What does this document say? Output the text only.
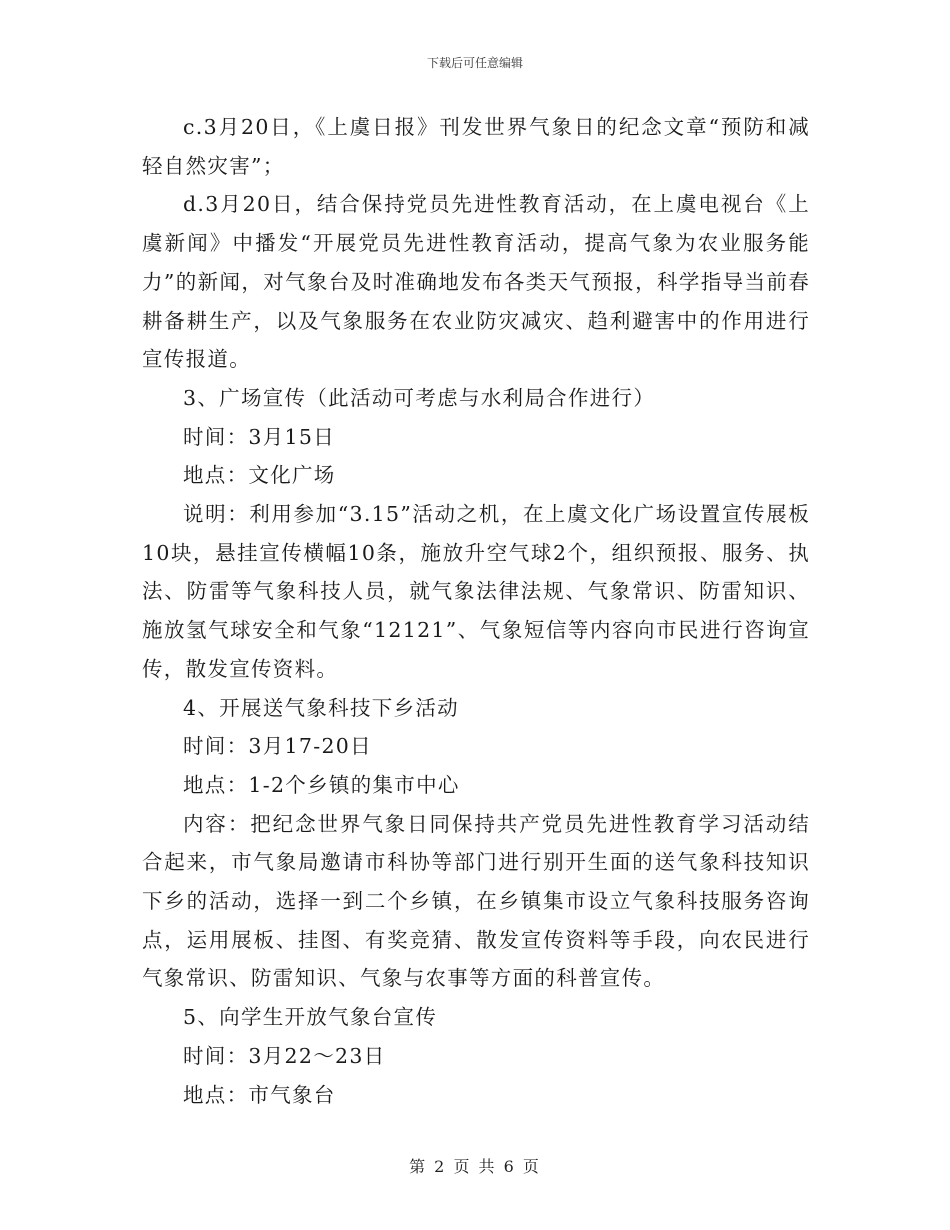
下载后可任意编辑

c.3月20日，《上虞日报》刊发世界气象日的纪念文章“预防和减轻自然灾害”；

d.3月20日，结合保持党员先进性教育活动，在上虞电视台《上虞新闻》中播发“开展党员先进性教育活动，提高气象为农业服务能力”的新闻，对气象台及时准确地发布各类天气预报，科学指导当前春耕备耕生产，以及气象服务在农业防灾减灾、趋利避害中的作用进行宣传报道。

3、广场宣传（此活动可考虑与水利局合作进行）

时间：3月15日

地点：文化广场

说明：利用参加“3.15”活动之机，在上虞文化广场设置宣传展板10块，悬挂宣传横幅10条，施放升空气球2个，组织预报、服务、执法、防雷等气象科技人员，就气象法律法规、气象常识、防雷知识、施放氢气球安全和气象“12121”、气象短信等内容向市民进行咨询宣传，散发宣传资料。

4、开展送气象科技下乡活动

时间：3月17-20日

地点：1-2个乡镇的集市中心

内容：把纪念世界气象日同保持共产党员先进性教育学习活动结合起来，市气象局邀请市科协等部门进行别开生面的送气象科技知识下乡的活动，选择一到二个乡镇，在乡镇集市设立气象科技服务咨询点，运用展板、挂图、有奖竞猜、散发宣传资料等手段，向农民进行气象常识、防雷知识、气象与农事等方面的科普宣传。

5、向学生开放气象台宣传

时间：3月22～23日

地点：市气象台

第 2 页 共 6 页
